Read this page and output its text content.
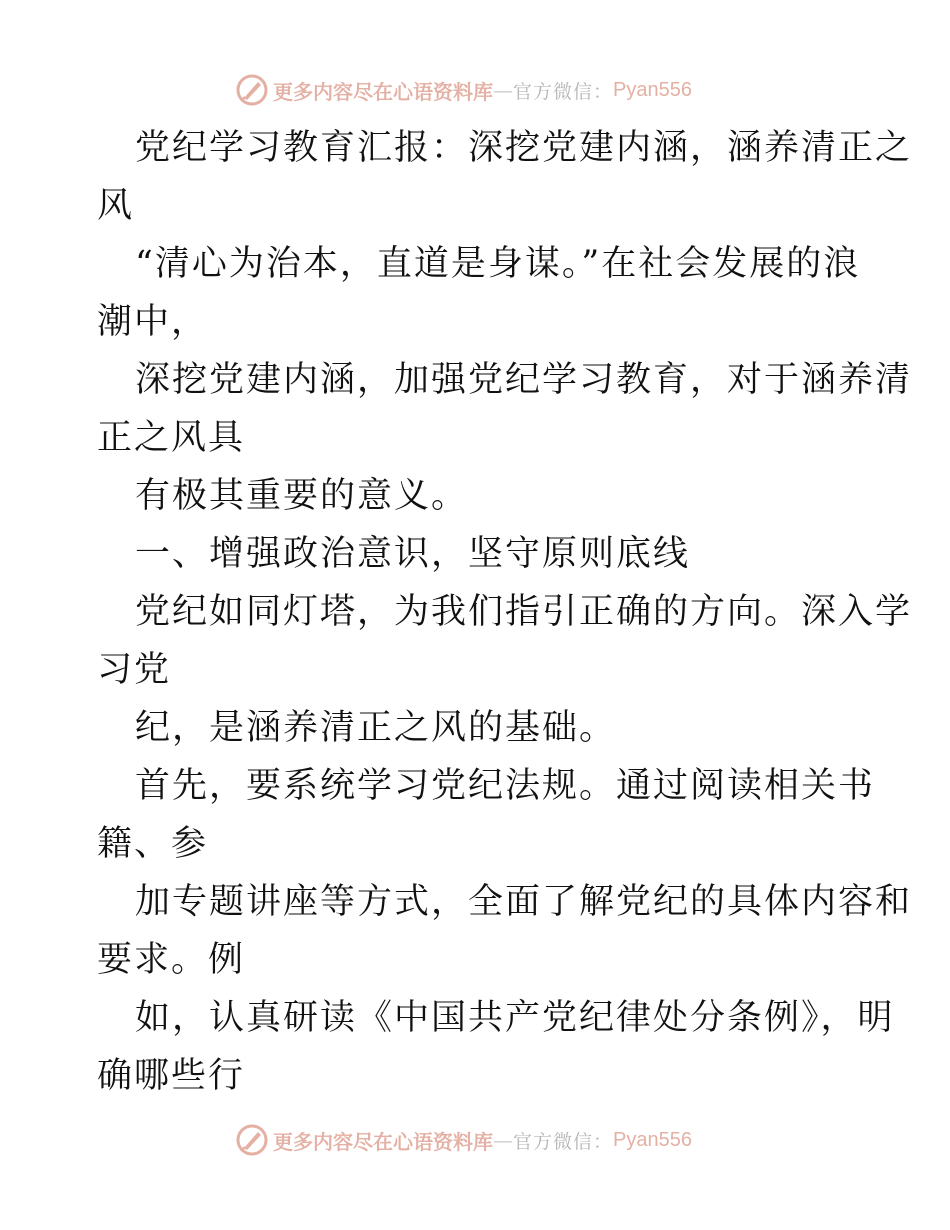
更多内容尽在心语资料库 — 官方微信： Pyan556
党纪学习教育汇报：深挖党建内涵，涵养清正之
风
“清心为治本，直道是身谋。”在社会发展的浪
潮中，
深挖党建内涵，加强党纪学习教育，对于涵养清
正之风具
有极其重要的意义。
一、增强政治意识，坚守原则底线
党纪如同灯塔，为我们指引正确的方向。深入学
习党
纪，是涵养清正之风的基础。
首先，要系统学习党纪法规。通过阅读相关书
籍、参
加专题讲座等方式，全面了解党纪的具体内容和
要求。例
如，认真研读《中国共产党纪律处分条例》，明
确哪些行
更多内容尽在心语资料库 — 官方微信： Pyan556
